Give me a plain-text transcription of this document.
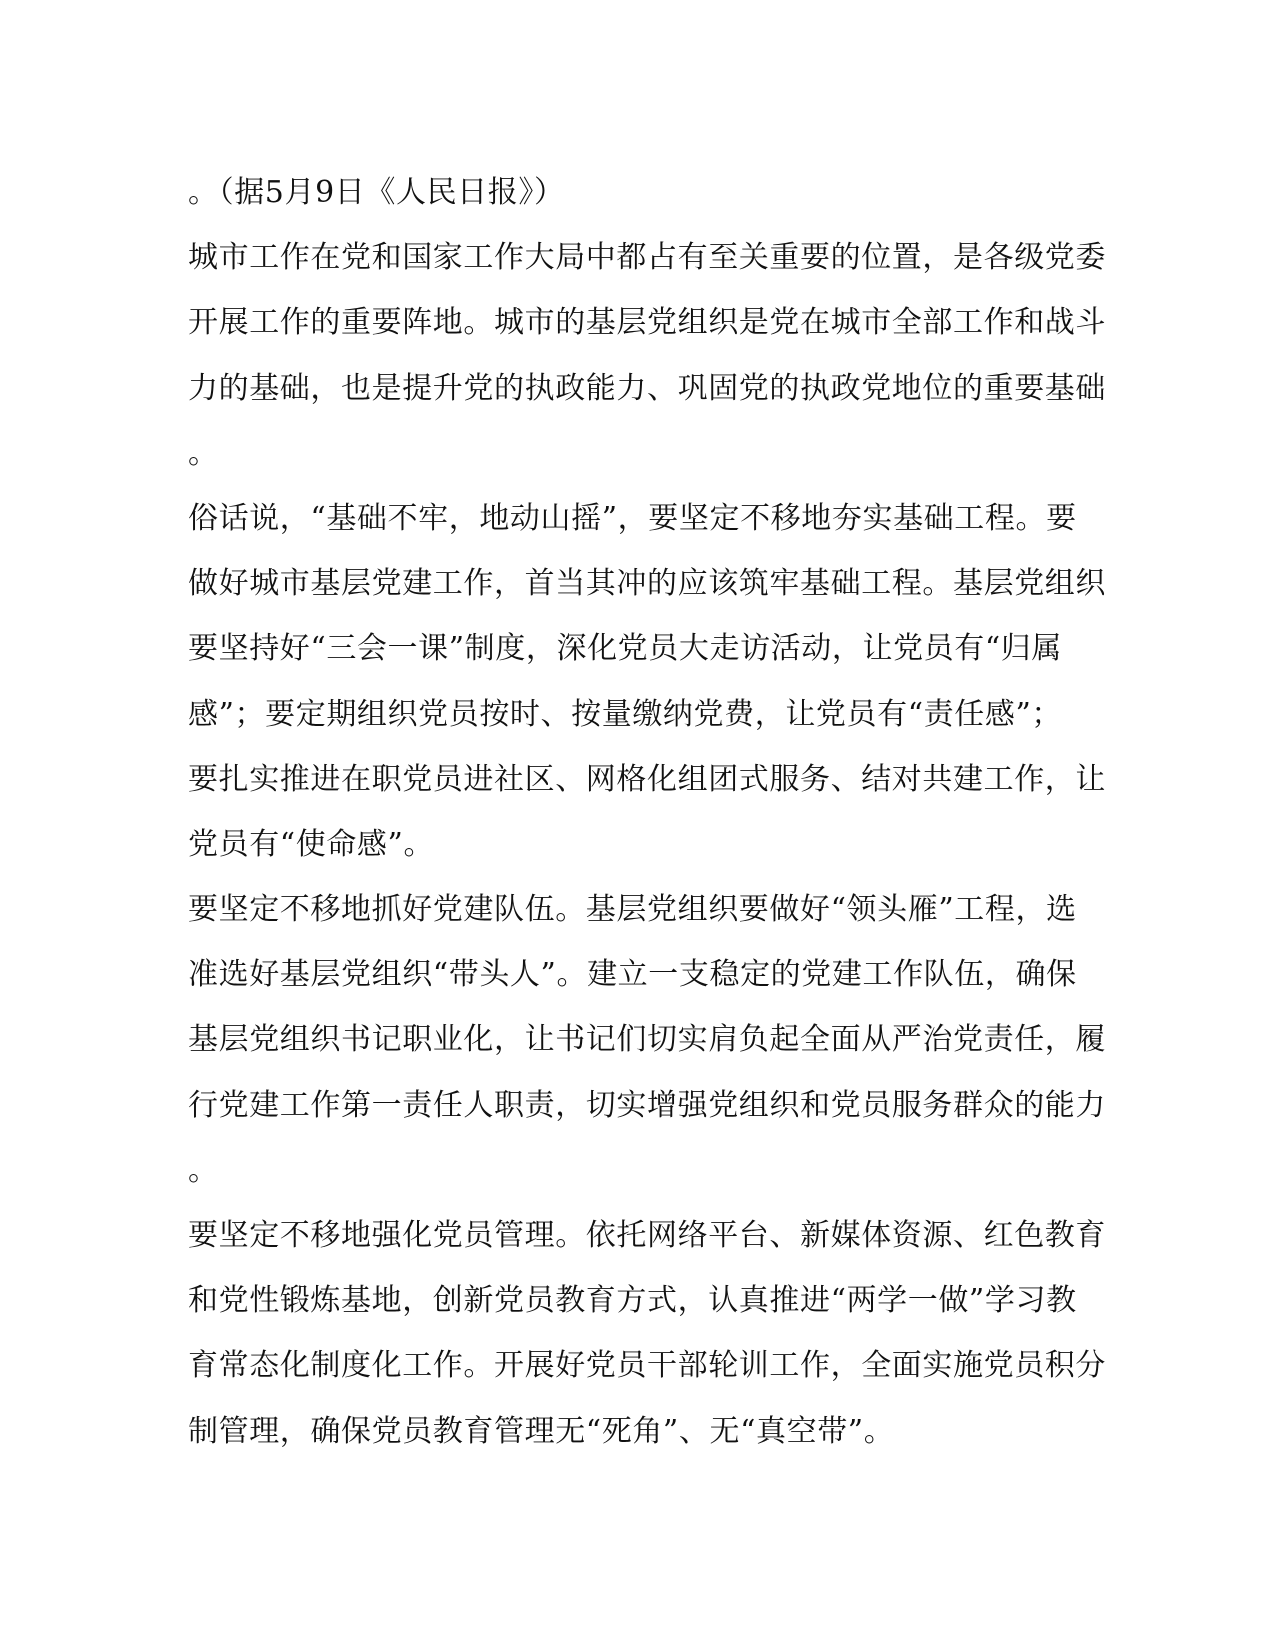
。（据5月9日《人民日报》）
城市工作在党和国家工作大局中都占有至关重要的位置，是各级党委
开展工作的重要阵地。城市的基层党组织是党在城市全部工作和战斗
力的基础，也是提升党的执政能力、巩固党的执政党地位的重要基础
。
俗话说，“基础不牢，地动山摇”，要坚定不移地夯实基础工程。要
做好城市基层党建工作，首当其冲的应该筑牢基础工程。基层党组织
要坚持好“三会一课”制度，深化党员大走访活动，让党员有“归属
感”；要定期组织党员按时、按量缴纳党费，让党员有“责任感”；
要扎实推进在职党员进社区、网格化组团式服务、结对共建工作，让
党员有“使命感”。
要坚定不移地抓好党建队伍。基层党组织要做好“领头雁”工程，选
准选好基层党组织“带头人”。建立一支稳定的党建工作队伍，确保
基层党组织书记职业化，让书记们切实肩负起全面从严治党责任，履
行党建工作第一责任人职责，切实增强党组织和党员服务群众的能力
。
要坚定不移地强化党员管理。依托网络平台、新媒体资源、红色教育
和党性锻炼基地，创新党员教育方式，认真推进“两学一做”学习教
育常态化制度化工作。开展好党员干部轮训工作，全面实施党员积分
制管理，确保党员教育管理无“死角”、无“真空带”。
